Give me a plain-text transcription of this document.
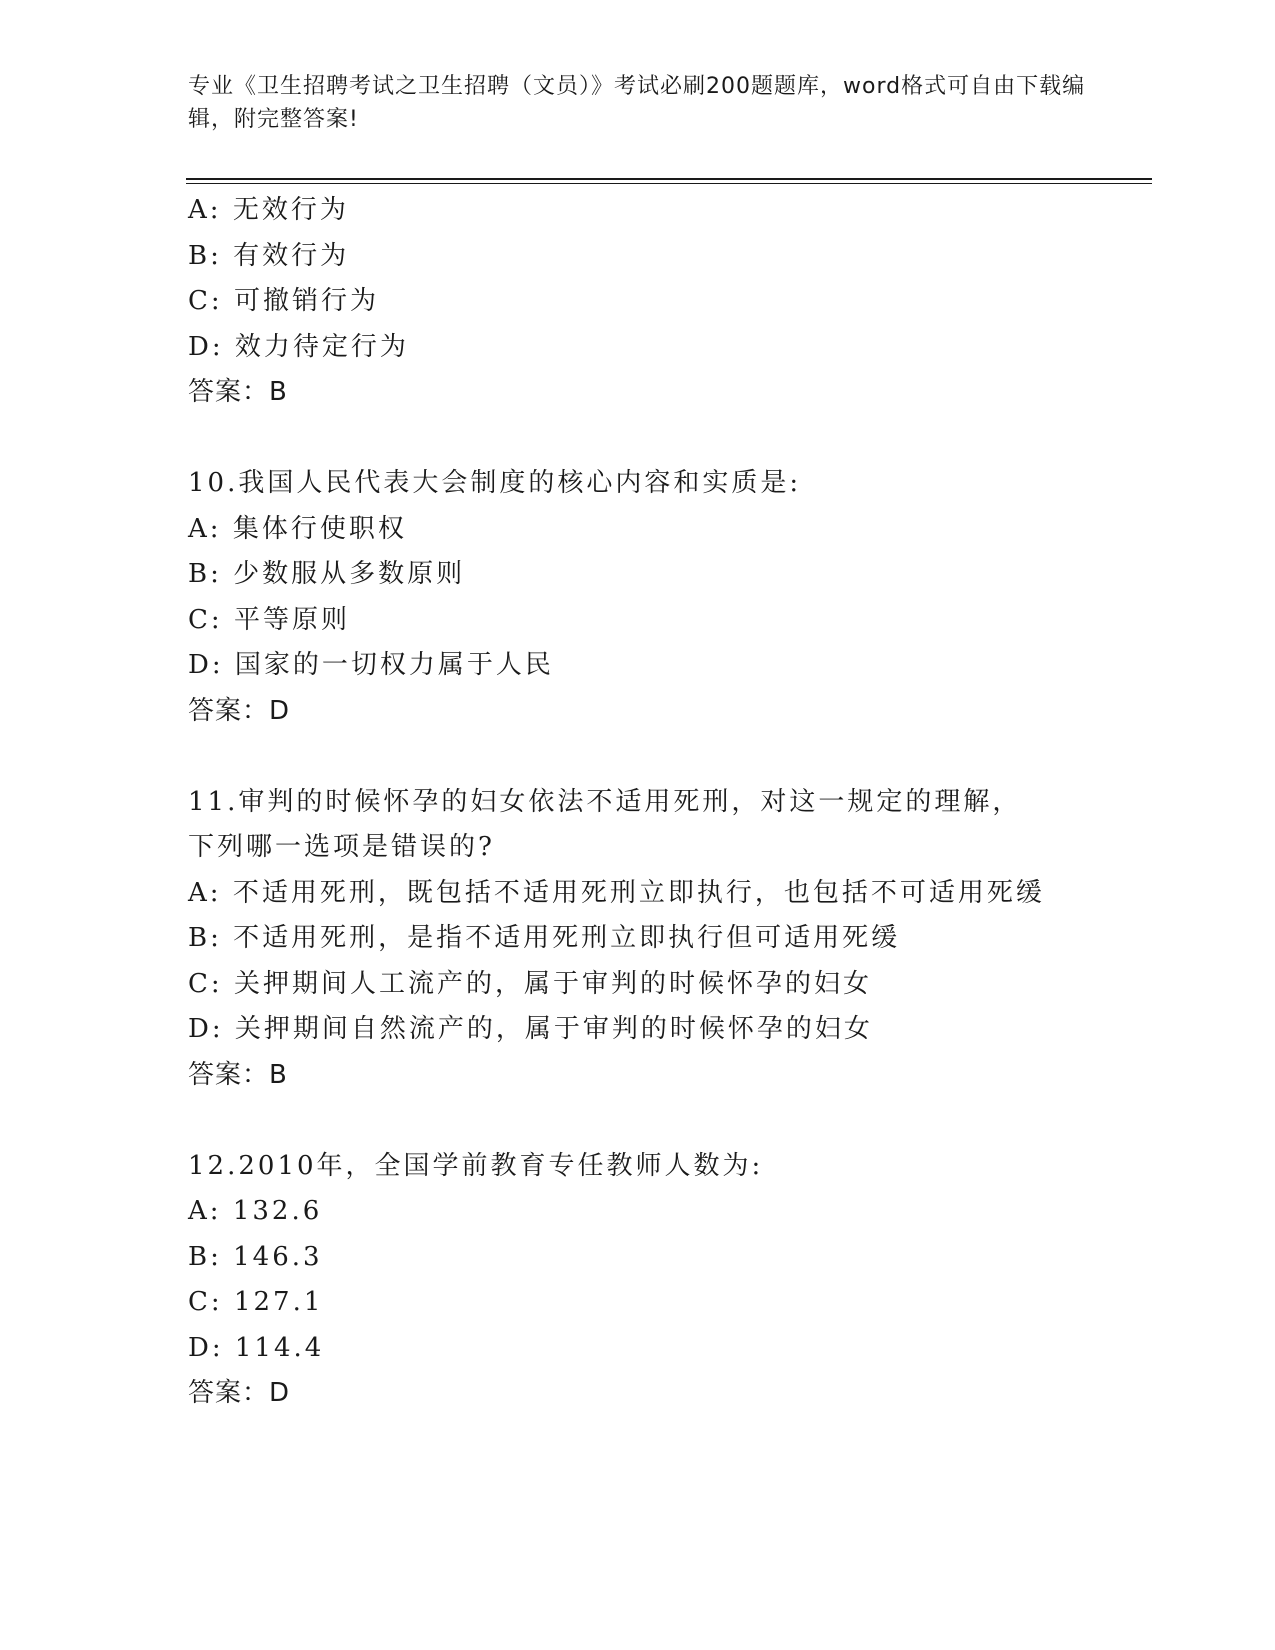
专业《卫生招聘考试之卫生招聘（文员）》考试必刷200题题库，word格式可自由下载编辑，附完整答案!
A: 无效行为
B: 有效行为
C: 可撤销行为
D: 效力待定行为
答案：B
10.我国人民代表大会制度的核心内容和实质是:
A: 集体行使职权
B: 少数服从多数原则
C: 平等原则
D: 国家的一切权力属于人民
答案：D
11.审判的时候怀孕的妇女依法不适用死刑，对这一规定的理解，下列哪一选项是错误的?
A: 不适用死刑，既包括不适用死刑立即执行，也包括不可适用死缓
B: 不适用死刑，是指不适用死刑立即执行但可适用死缓
C: 关押期间人工流产的，属于审判的时候怀孕的妇女
D: 关押期间自然流产的，属于审判的时候怀孕的妇女
答案：B
12.2010年，全国学前教育专任教师人数为:
A: 132.6
B: 146.3
C: 127.1
D: 114.4
答案：D
